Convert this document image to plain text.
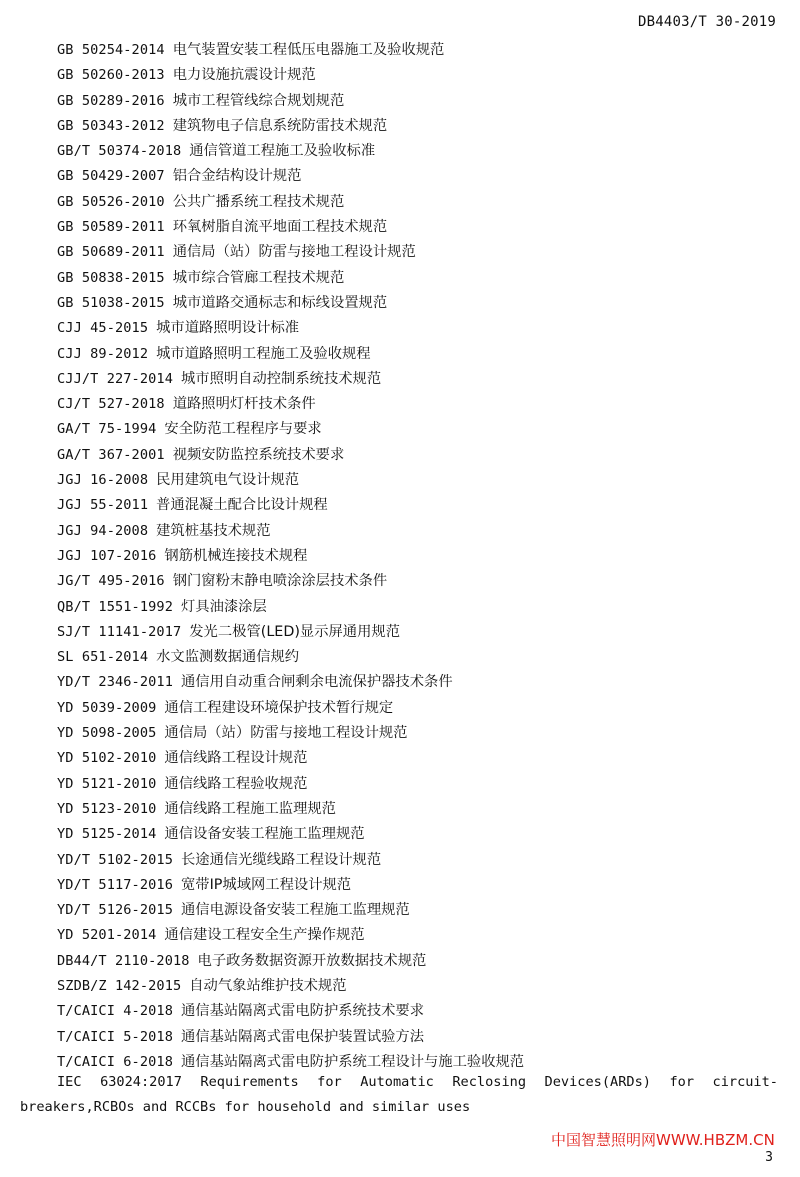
DB4403/T 30-2019
GB 50254-2014 电气装置安装工程低压电器施工及验收规范
GB 50260-2013 电力设施抗震设计规范
GB 50289-2016 城市工程管线综合规划规范
GB 50343-2012 建筑物电子信息系统防雷技术规范
GB/T 50374-2018 通信管道工程施工及验收标准
GB 50429-2007 铝合金结构设计规范
GB 50526-2010 公共广播系统工程技术规范
GB 50589-2011 环氧树脂自流平地面工程技术规范
GB 50689-2011 通信局（站）防雷与接地工程设计规范
GB 50838-2015 城市综合管廊工程技术规范
GB 51038-2015 城市道路交通标志和标线设置规范
CJJ 45-2015 城市道路照明设计标准
CJJ 89-2012 城市道路照明工程施工及验收规程
CJJ/T 227-2014 城市照明自动控制系统技术规范
CJ/T 527-2018 道路照明灯杆技术条件
GA/T 75-1994 安全防范工程程序与要求
GA/T 367-2001 视频安防监控系统技术要求
JGJ 16-2008 民用建筑电气设计规范
JGJ 55-2011 普通混凝土配合比设计规程
JGJ 94-2008 建筑桩基技术规范
JGJ 107-2016 钢筋机械连接技术规程
JG/T 495-2016 钢门窗粉末静电喷涂涂层技术条件
QB/T 1551-1992 灯具油漆涂层
SJ/T 11141-2017 发光二极管(LED)显示屏通用规范
SL 651-2014 水文监测数据通信规约
YD/T 2346-2011 通信用自动重合闸剩余电流保护器技术条件
YD 5039-2009 通信工程建设环境保护技术暂行规定
YD 5098-2005 通信局（站）防雷与接地工程设计规范
YD 5102-2010 通信线路工程设计规范
YD 5121-2010 通信线路工程验收规范
YD 5123-2010 通信线路工程施工监理规范
YD 5125-2014 通信设备安装工程施工监理规范
YD/T 5102-2015 长途通信光缆线路工程设计规范
YD/T 5117-2016 宽带IP城域网工程设计规范
YD/T 5126-2015 通信电源设备安装工程施工监理规范
YD 5201-2014 通信建设工程安全生产操作规范
DB44/T 2110-2018 电子政务数据资源开放数据技术规范
SZDB/Z 142-2015 自动气象站维护技术规范
T/CAICI 4-2018 通信基站隔离式雷电防护系统技术要求
T/CAICI 5-2018 通信基站隔离式雷电保护装置试验方法
T/CAICI 6-2018 通信基站隔离式雷电防护系统工程设计与施工验收规范
IEC 63024:2017 Requirements for Automatic Reclosing Devices(ARDs) for circuit-breakers,RCBOs and RCCBs for household and similar uses
中国智慧照明网WWW.HBZM.CN
3
